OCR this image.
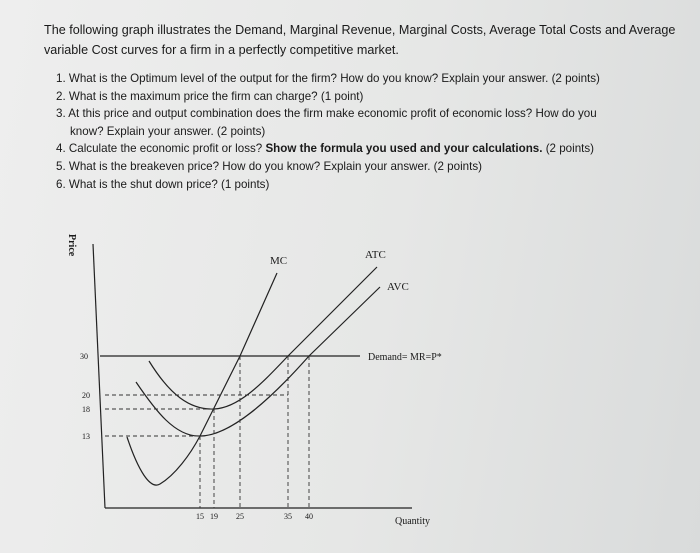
The following graph illustrates the Demand, Marginal Revenue, Marginal Costs, Average Total Costs and Average variable Cost curves for a firm in a perfectly competitive market.
1. What is the Optimum level of the output for the firm? How do you know? Explain your answer. (2 points)
2. What is the maximum price the firm can charge? (1 point)
3. At this price and output combination does the firm make economic profit of economic loss? How do you
know? Explain your answer. (2 points)
4. Calculate the economic profit or loss? Show the formula you used and your calculations. (2 points)
5. What is the breakeven price? How do you know? Explain your answer. (2 points)
6. What is the shut down price? (1 points)
Price
Quantity
30
20
18
13
15 19 25	35 40
MC	ATC
AVC
Demand= MR=P*
